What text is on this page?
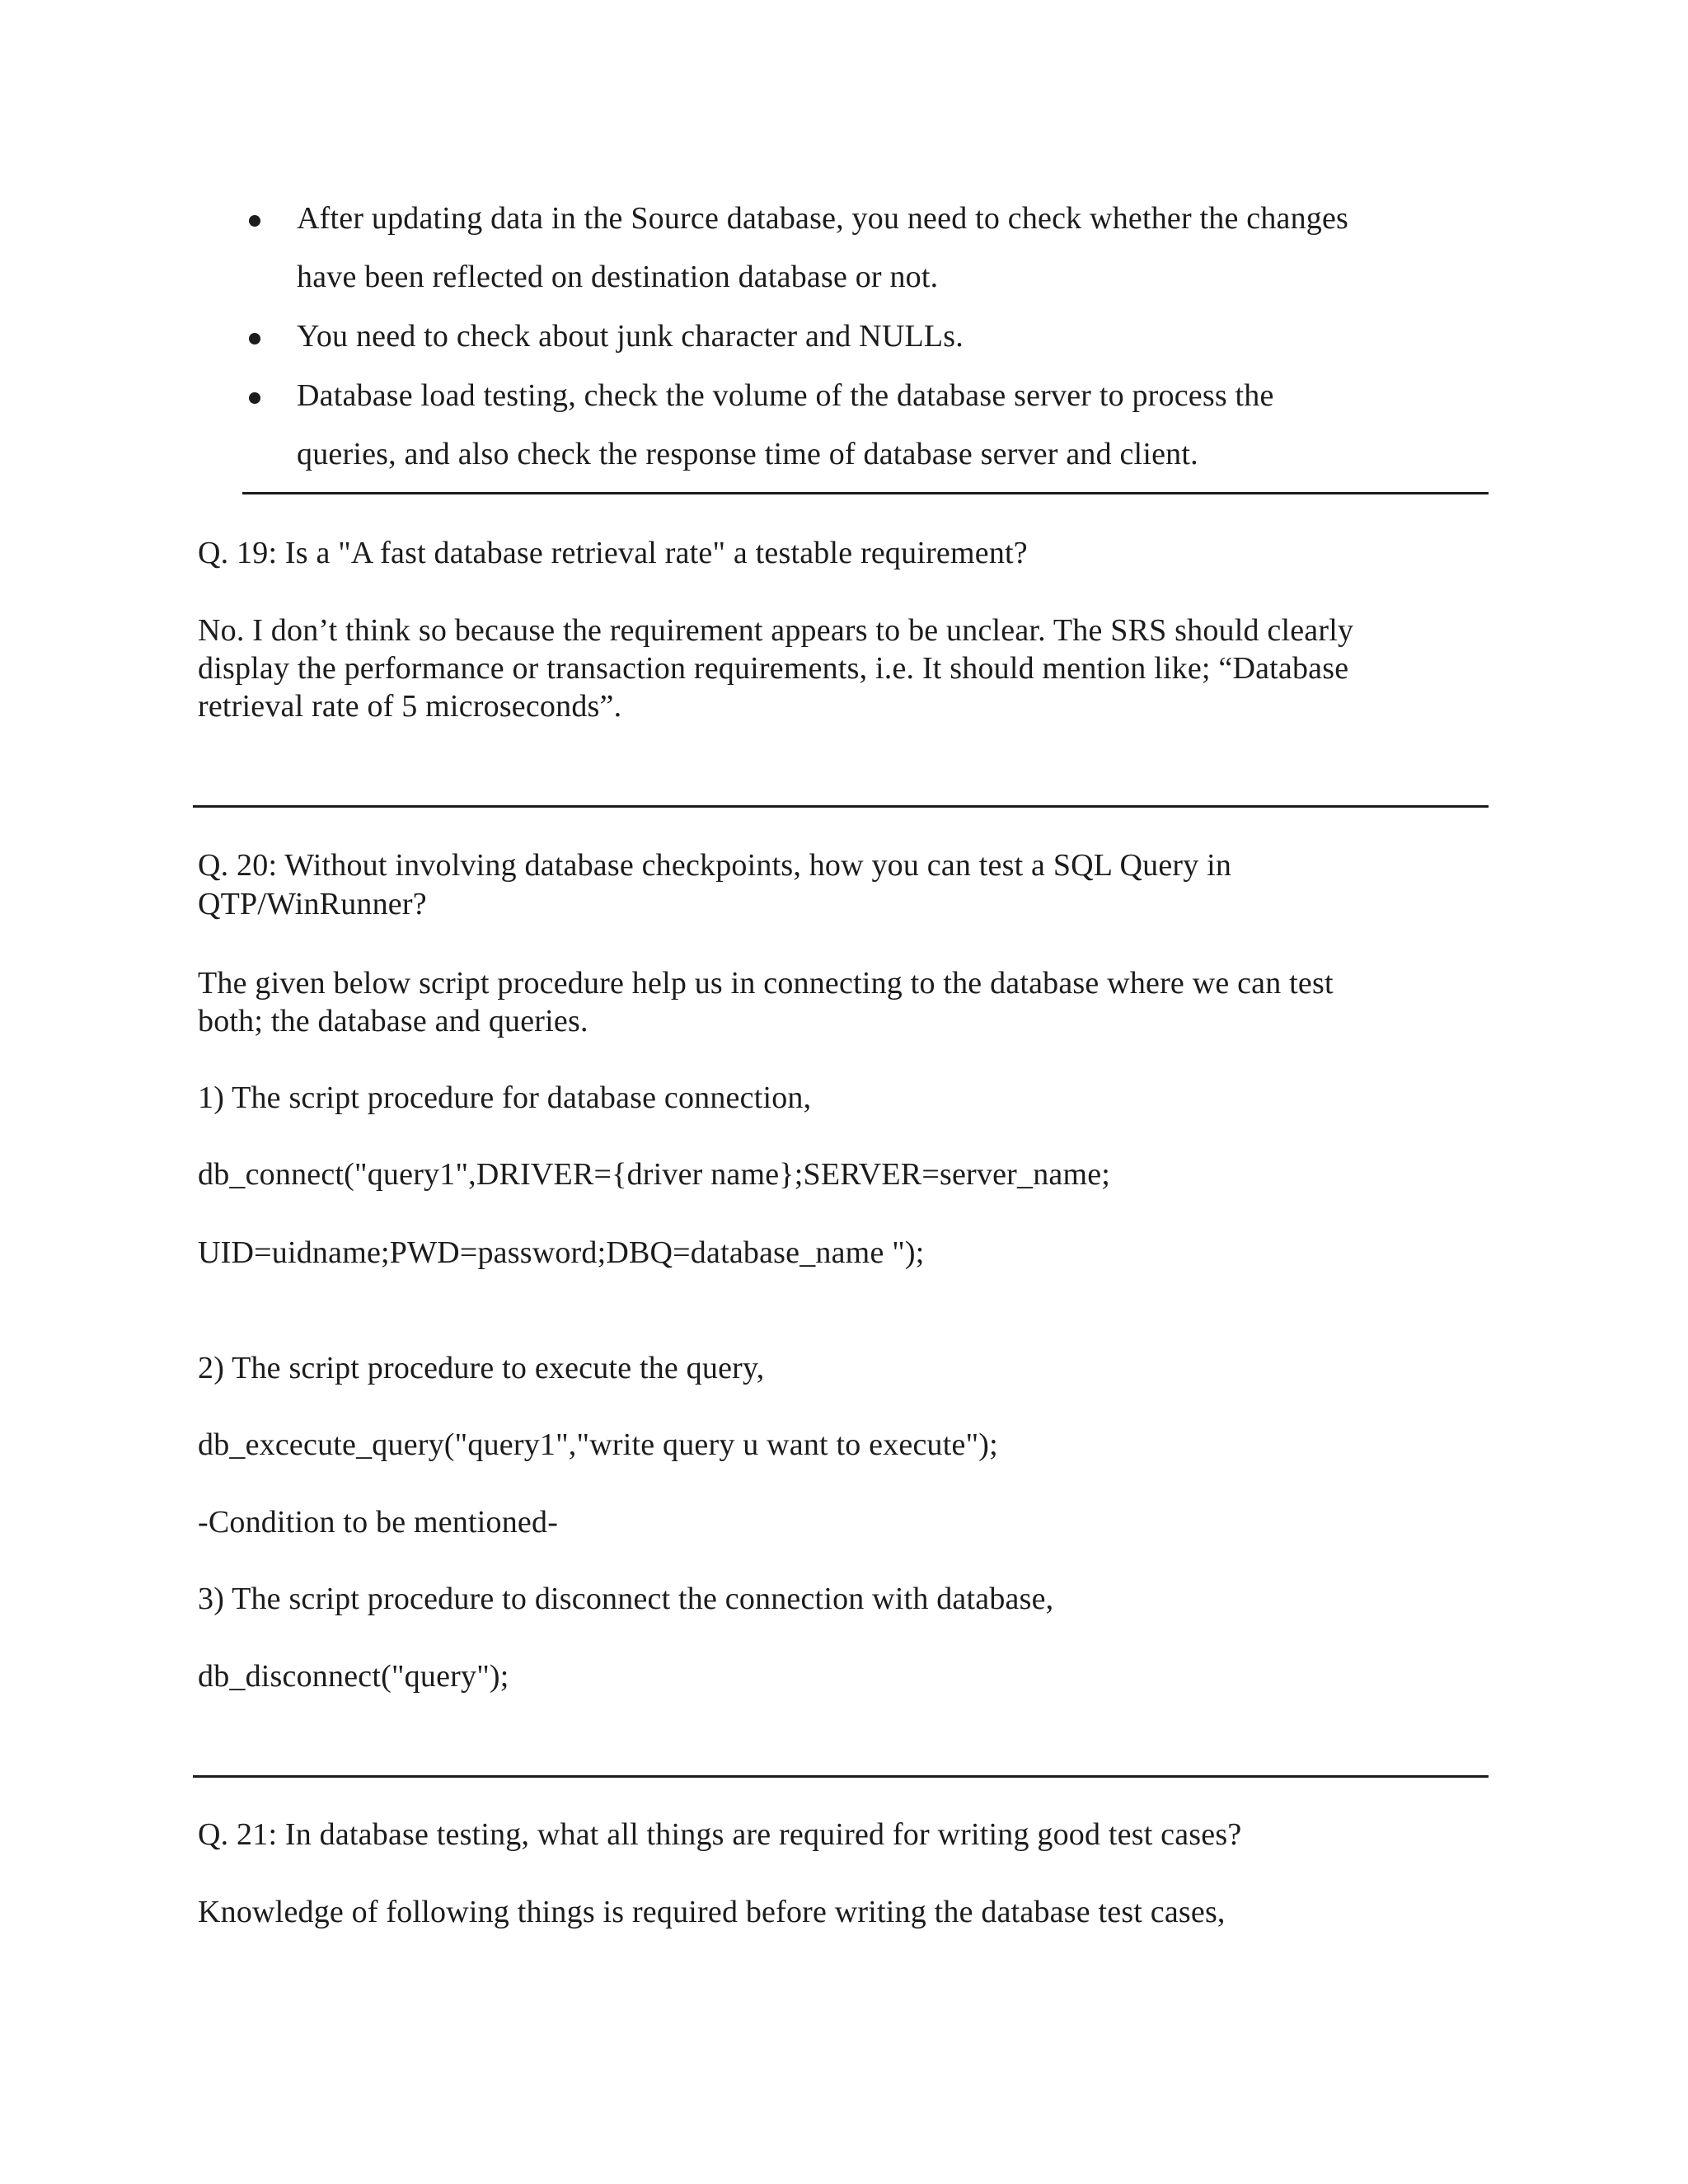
After updating data in the Source database, you need to check whether the changes
have been reflected on destination database or not.
You need to check about junk character and NULLs.
Database load testing, check the volume of the database server to process the
queries, and also check the response time of database server and client.
Q. 19: Is a "A fast database retrieval rate" a testable requirement?
No. I don’t think so because the requirement appears to be unclear. The SRS should clearly
display the performance or transaction requirements, i.e. It should mention like; “Database
retrieval rate of 5 microseconds”.
Q. 20: Without involving database checkpoints, how you can test a SQL Query in
QTP/WinRunner?
The given below script procedure help us in connecting to the database where we can test
both; the database and queries.
1) The script procedure for database connection,
db_connect("query1",DRIVER={driver name};SERVER=server_name;
UID=uidname;PWD=password;DBQ=database_name ");
2) The script procedure to execute the query,
db_excecute_query("query1","write query u want to execute");
-Condition to be mentioned-
3) The script procedure to disconnect the connection with database,
db_disconnect("query");
Q. 21: In database testing, what all things are required for writing good test cases?
Knowledge of following things is required before writing the database test cases,
